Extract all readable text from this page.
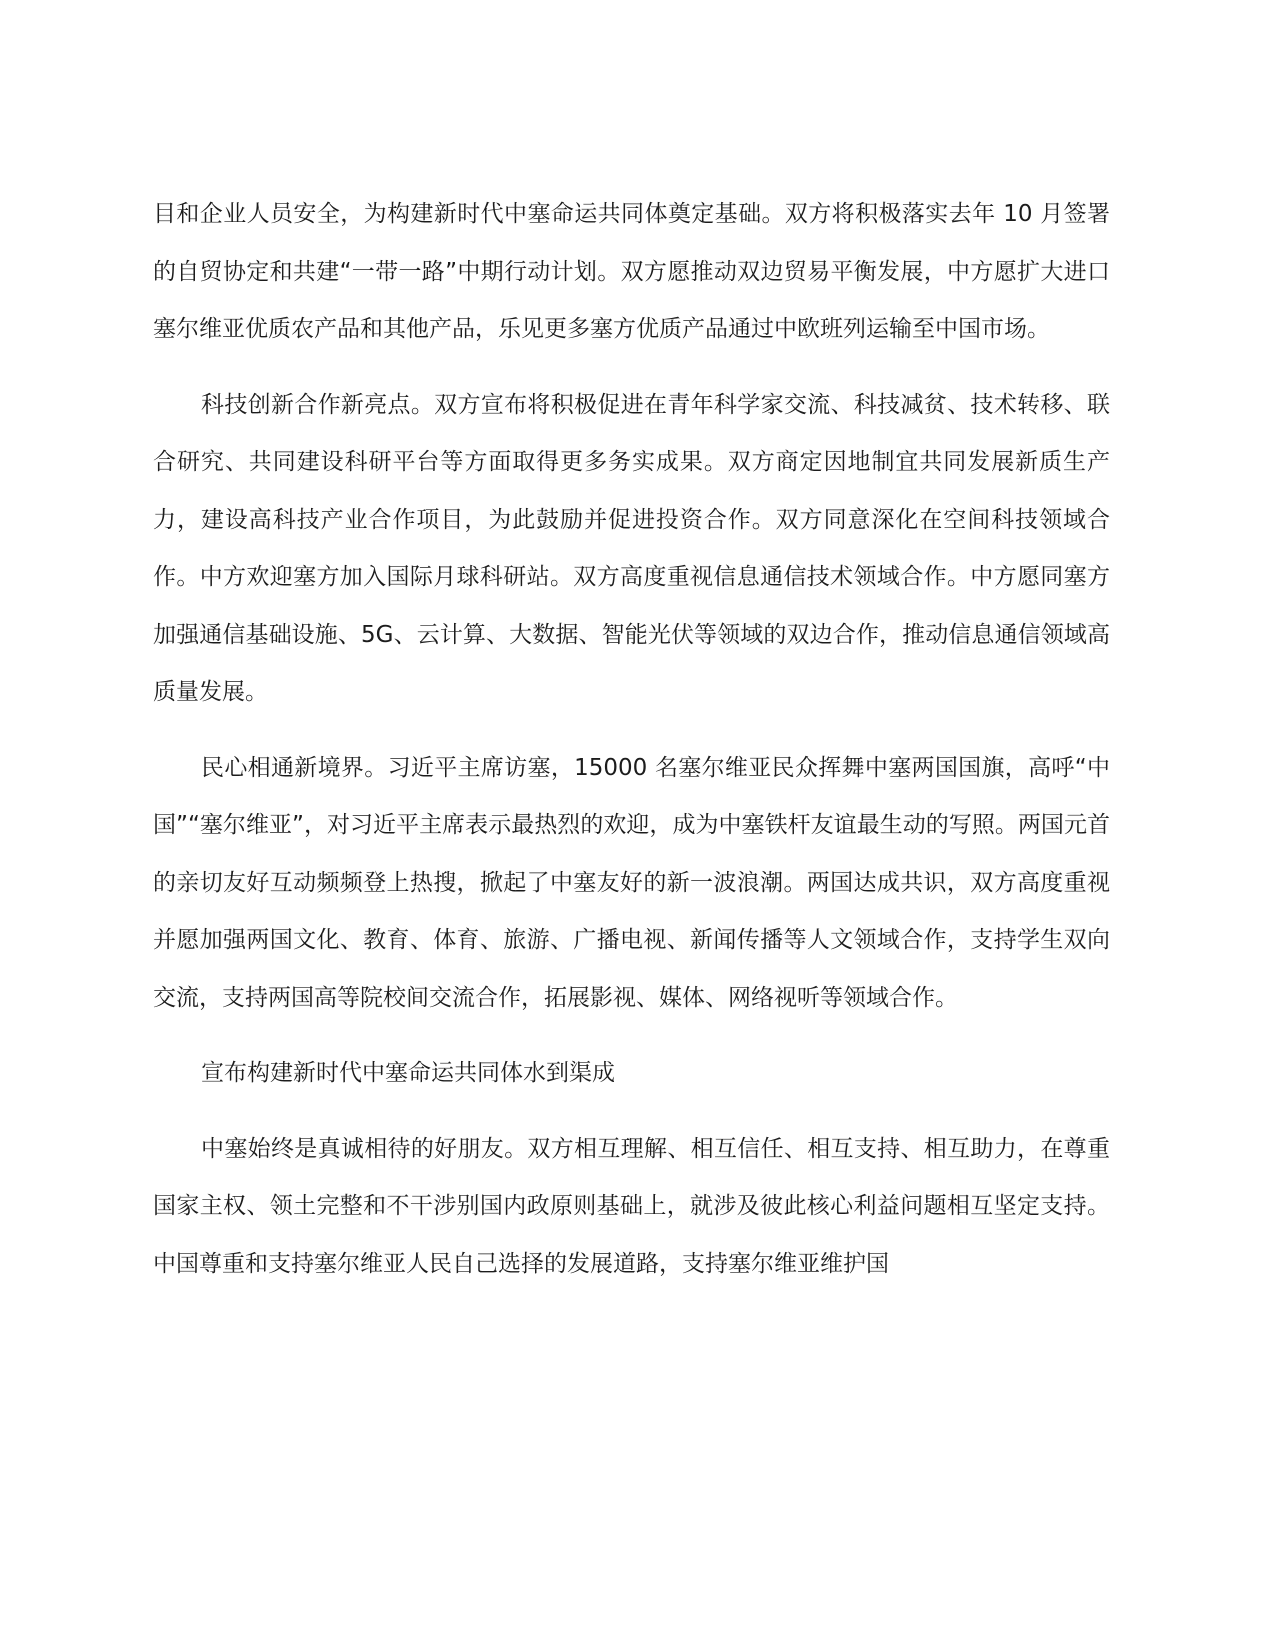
目和企业人员安全，为构建新时代中塞命运共同体奠定基础。双方将积极落实去年 10 月签署的自贸协定和共建“一带一路”中期行动计划。双方愿推动双边贸易平衡发展，中方愿扩大进口塞尔维亚优质农产品和其他产品，乐见更多塞方优质产品通过中欧班列运输至中国市场。

科技创新合作新亮点。双方宣布将积极促进在青年科学家交流、科技减贫、技术转移、联合研究、共同建设科研平台等方面取得更多务实成果。双方商定因地制宜共同发展新质生产力，建设高科技产业合作项目，为此鼓励并促进投资合作。双方同意深化在空间科技领域合作。中方欢迎塞方加入国际月球科研站。双方高度重视信息通信技术领域合作。中方愿同塞方加强通信基础设施、5G、云计算、大数据、智能光伏等领域的双边合作，推动信息通信领域高质量发展。

民心相通新境界。习近平主席访塞，15000 名塞尔维亚民众挥舞中塞两国国旗，高呼“中国”“塞尔维亚”，对习近平主席表示最热烈的欢迎，成为中塞铁杆友谊最生动的写照。两国元首的亲切友好互动频频登上热搜，掀起了中塞友好的新一波浪潮。两国达成共识，双方高度重视并愿加强两国文化、教育、体育、旅游、广播电视、新闻传播等人文领域合作，支持学生双向交流，支持两国高等院校间交流合作，拓展影视、媒体、网络视听等领域合作。

宣布构建新时代中塞命运共同体水到渠成

中塞始终是真诚相待的好朋友。双方相互理解、相互信任、相互支持、相互助力，在尊重国家主权、领土完整和不干涉别国内政原则基础上，就涉及彼此核心利益问题相互坚定支持。中国尊重和支持塞尔维亚人民自己选择的发展道路，支持塞尔维亚维护国
